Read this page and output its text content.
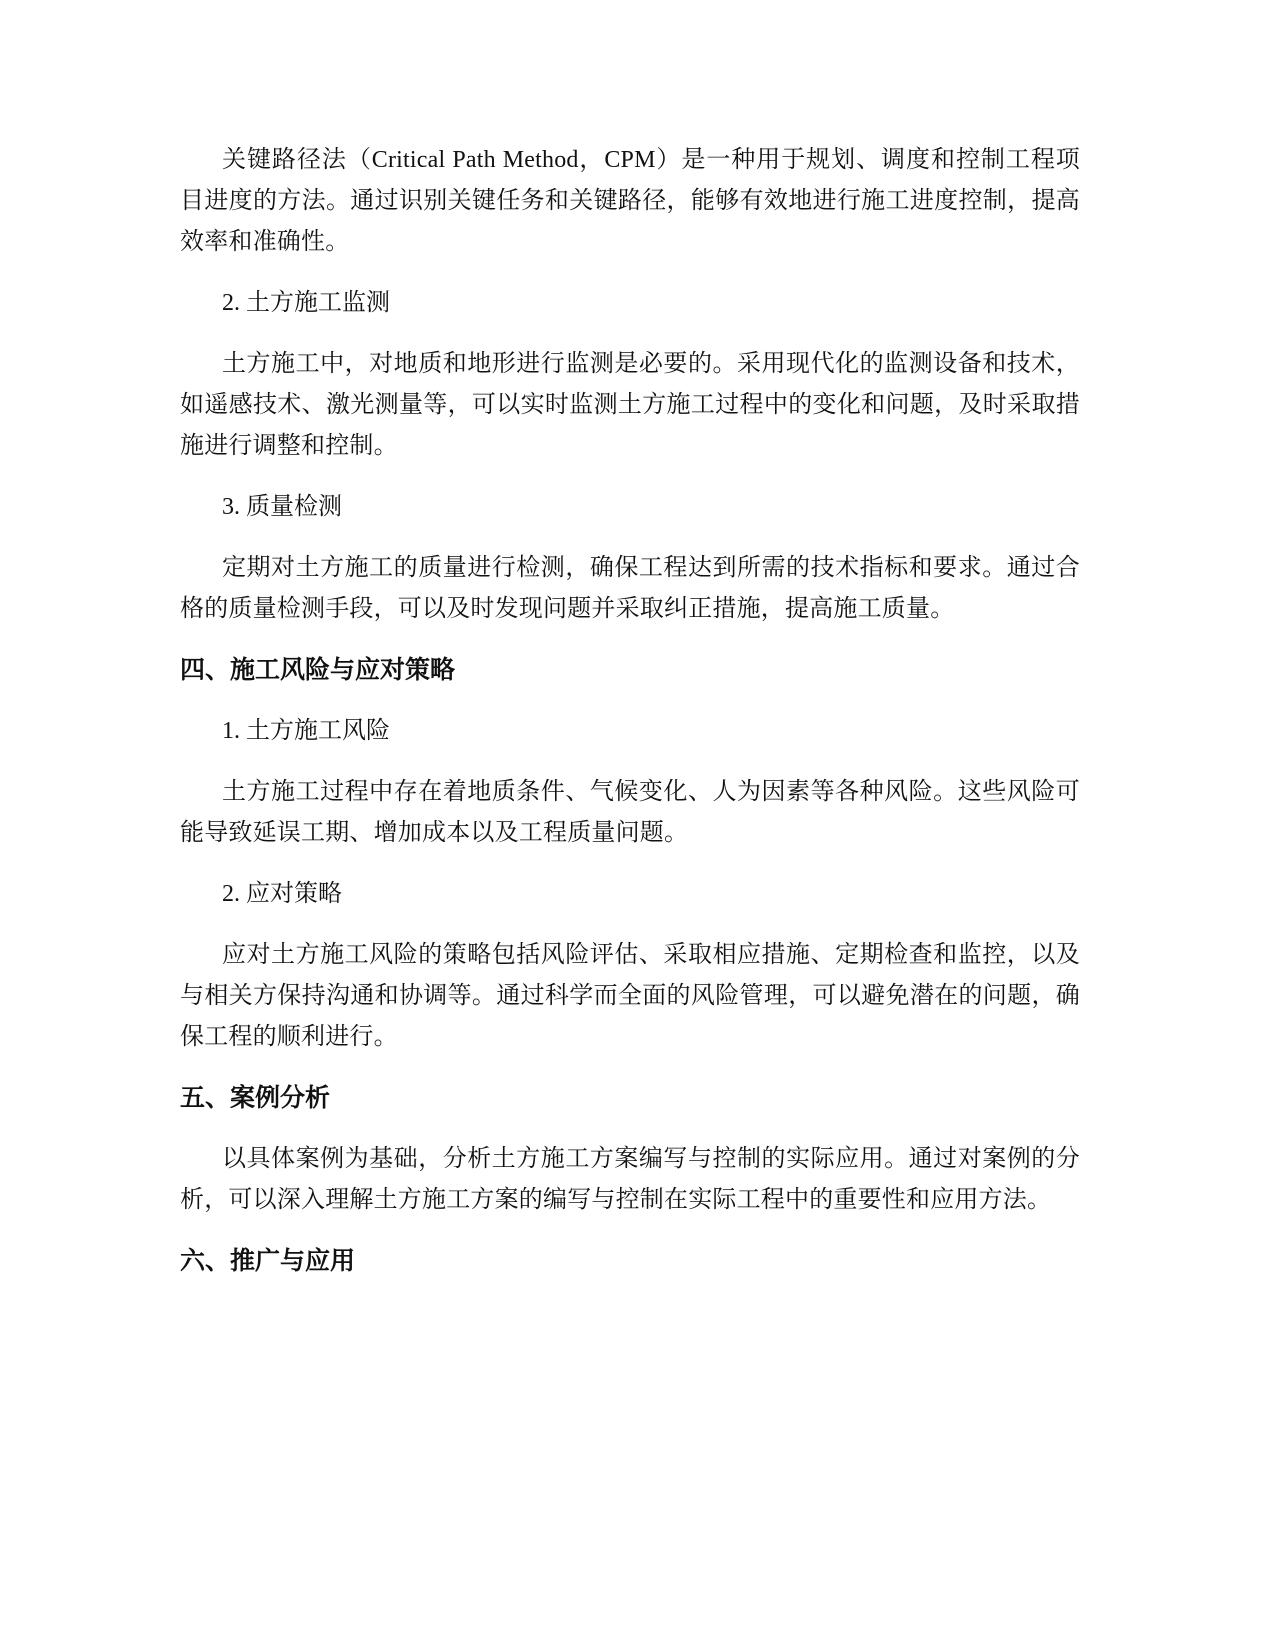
关键路径法（Critical Path Method，CPM）是一种用于规划、调度和控制工程项目进度的方法。通过识别关键任务和关键路径，能够有效地进行施工进度控制，提高效率和准确性。

2. 土方施工监测

土方施工中，对地质和地形进行监测是必要的。采用现代化的监测设备和技术，如遥感技术、激光测量等，可以实时监测土方施工过程中的变化和问题，及时采取措施进行调整和控制。

3. 质量检测

定期对土方施工的质量进行检测，确保工程达到所需的技术指标和要求。通过合格的质量检测手段，可以及时发现问题并采取纠正措施，提高施工质量。

四、施工风险与应对策略

1. 土方施工风险

土方施工过程中存在着地质条件、气候变化、人为因素等各种风险。这些风险可能导致延误工期、增加成本以及工程质量问题。

2. 应对策略

应对土方施工风险的策略包括风险评估、采取相应措施、定期检查和监控，以及与相关方保持沟通和协调等。通过科学而全面的风险管理，可以避免潜在的问题，确保工程的顺利进行。

五、案例分析

以具体案例为基础，分析土方施工方案编写与控制的实际应用。通过对案例的分析，可以深入理解土方施工方案的编写与控制在实际工程中的重要性和应用方法。

六、推广与应用
